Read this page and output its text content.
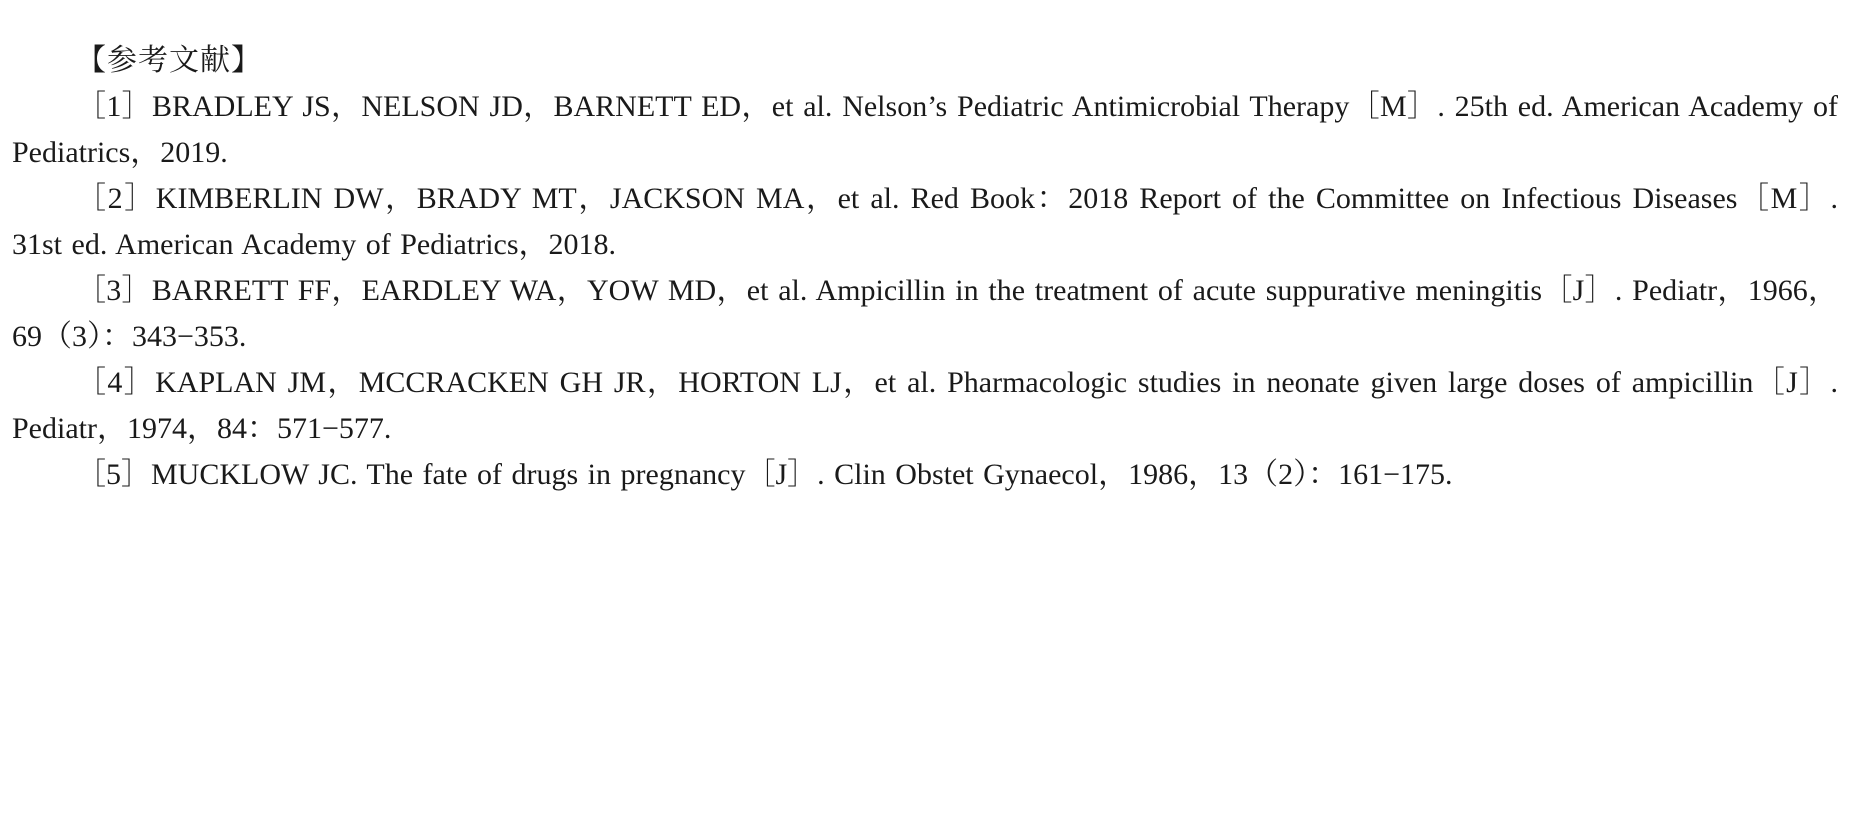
【参考文献】

［1］BRADLEY JS，NELSON JD，BARNETT ED，et al. Nelson’s Pediatric Antimicrobial Therapy［M］. 25th ed. American Academy of Pediatrics，2019.

［2］KIMBERLIN DW，BRADY MT，JACKSON MA，et al. Red Book：2018 Report of the Committee on Infectious Diseases［M］. 31st ed. American Academy of Pediatrics，2018.

［3］BARRETT FF，EARDLEY WA，YOW MD，et al. Ampicillin in the treatment of acute suppurative meningitis［J］. Pediatr，1966，69（3）：343−353.

［4］KAPLAN JM，MCCRACKEN GH JR，HORTON LJ，et al. Pharmacologic studies in neonate given large doses of ampicillin［J］. Pediatr，1974，84：571−577.

［5］MUCKLOW JC. The fate of drugs in pregnancy［J］. Clin Obstet Gynaecol，1986，13（2）：161−175.
